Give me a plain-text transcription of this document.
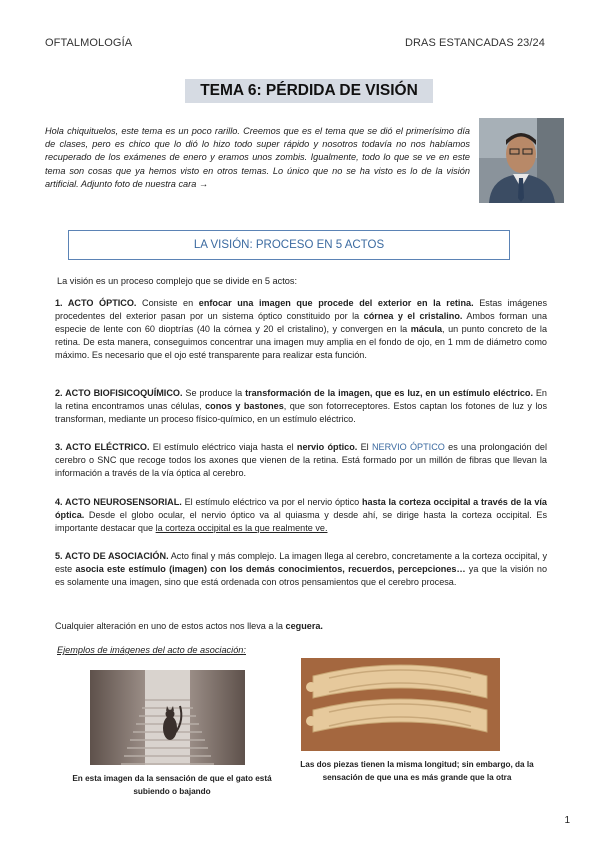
OFTALMOLOGÍA	DRAS ESTANCADAS 23/24
TEMA 6: PÉRDIDA DE VISIÓN
Hola chiquituelos, este tema es un poco rarillo. Creemos que es el tema que se dió el primerísimo día de clases, pero es chico que lo dió lo hizo todo super rápido y nosotros todavía no nos habíamos recuperado de los exámenes de enero y eramos unos zombis. Igualmente, todo lo que se ve en este tema son cosas que ya hemos visto en otros temas. Lo único que no se ha visto es lo de la visión artificial. Adjunto foto de nuestra cara →
LA VISIÓN: PROCESO EN 5 ACTOS
La visión es un proceso complejo que se divide en 5 actos:
1. ACTO ÓPTICO. Consiste en enfocar una imagen que procede del exterior en la retina. Estas imágenes procedentes del exterior pasan por un sistema óptico constituido por la córnea y el cristalino. Ambos forman una especie de lente con 60 dioptrías (40 la córnea y 20 el cristalino), y convergen en la mácula, un punto concreto de la retina. De esta manera, conseguimos concentrar una imagen muy amplia en el fondo de ojo, en 1 mm de diámetro como máximo. Es necesario que el ojo esté transparente para realizar esta función.
2. ACTO BIOFISICOQUÍMICO. Se produce la transformación de la imagen, que es luz, en un estímulo eléctrico. En la retina encontramos unas células, conos y bastones, que son fotorreceptores. Estos captan los fotones de luz y los transforman, mediante un proceso físico-químico, en un estímulo eléctrico.
3. ACTO ELÉCTRICO. El estímulo eléctrico viaja hasta el nervio óptico. El NERVIO ÓPTICO es una prolongación del cerebro o SNC que recoge todos los axones que vienen de la retina. Está formado por un millón de fibras que llevan la información a través de la vía óptica al cerebro.
4. ACTO NEUROSENSORIAL. El estímulo eléctrico va por el nervio óptico hasta la corteza occipital a través de la vía óptica. Desde el globo ocular, el nervio óptico va al quiasma y desde ahí, se dirige hasta la corteza occipital. Es importante destacar que la corteza occipital es la que realmente ve.
5. ACTO DE ASOCIACIÓN. Acto final y más complejo. La imagen llega al cerebro, concretamente a la corteza occipital, y este asocia este estímulo (imagen) con los demás conocimientos, recuerdos, percepciones… ya que la visión no es solamente una imagen, sino que está ordenada con otros pensamientos que el cerebro procesa.
Cualquier alteración en uno de estos actos nos lleva a la ceguera.
Ejemplos de imágenes del acto de asociación:
En esta imagen da la sensación de que el gato está subiendo o bajando
Las dos piezas tienen la misma longitud; sin embargo, da la sensación de que una es más grande que la otra
1
